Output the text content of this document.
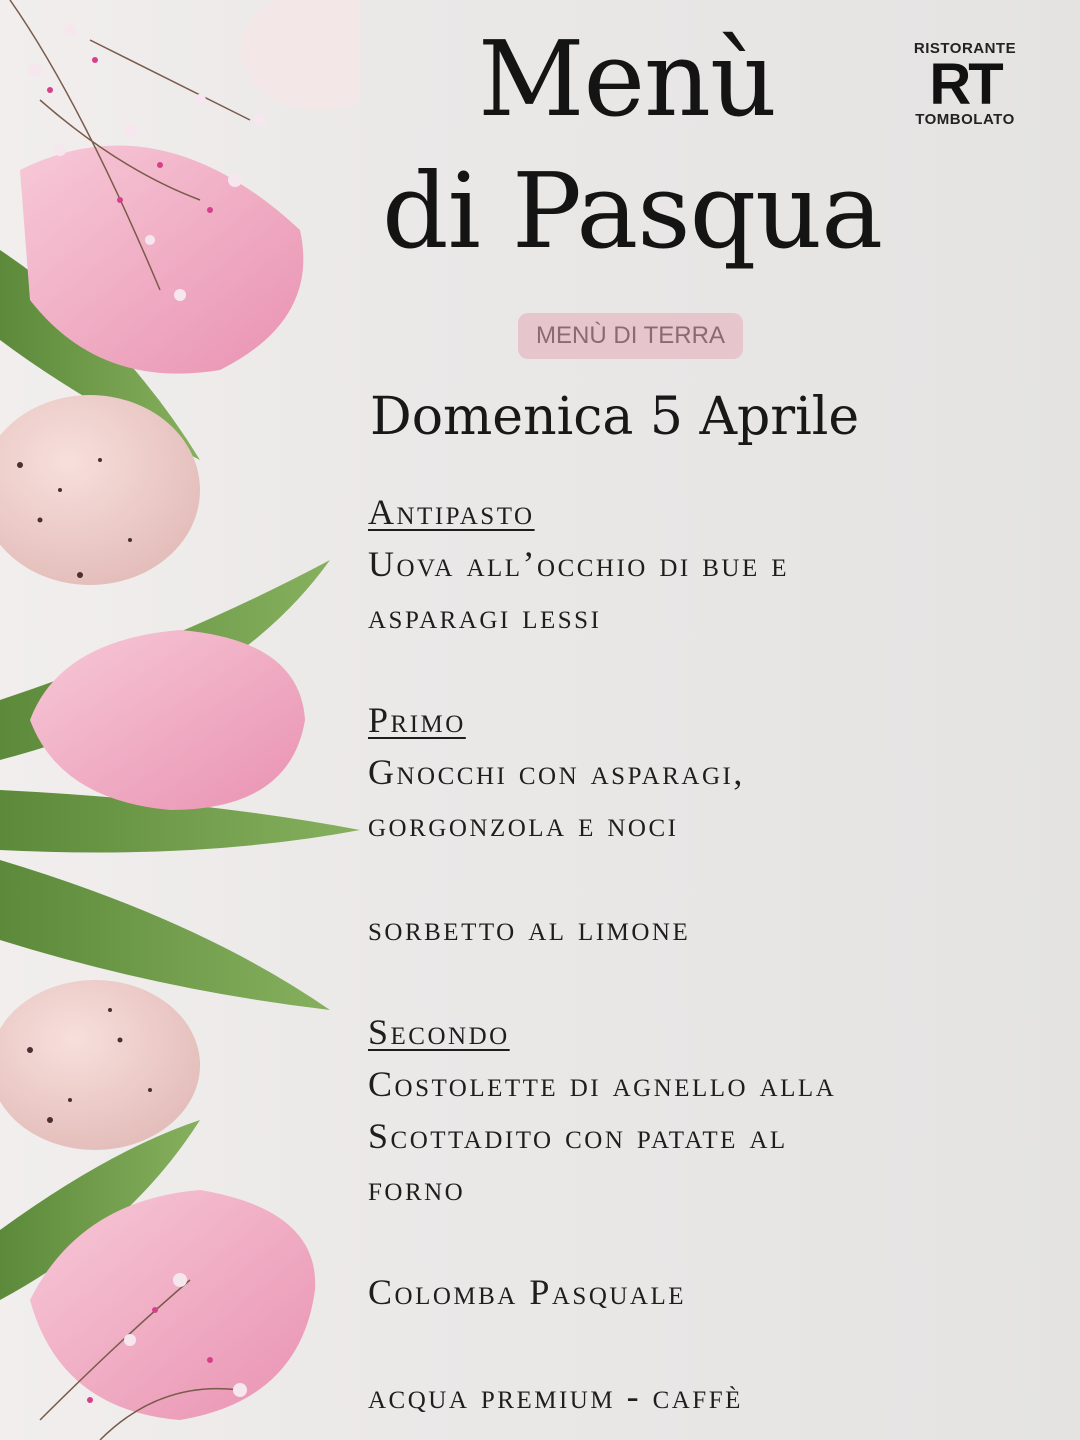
RISTORANTE
RT
TOMBOLATO
Menù
di Pasqua
MENÙ DI TERRA
Domenica 5 Aprile
Antipasto
Uova all’occhio di bue e
asparagi lessi
Primo
Gnocchi con asparagi,
gorgonzola e noci
sorbetto al limone
Secondo
Costolette di agnello alla
Scottadito con patate al
forno
Colomba Pasquale
acqua premium - caffè
